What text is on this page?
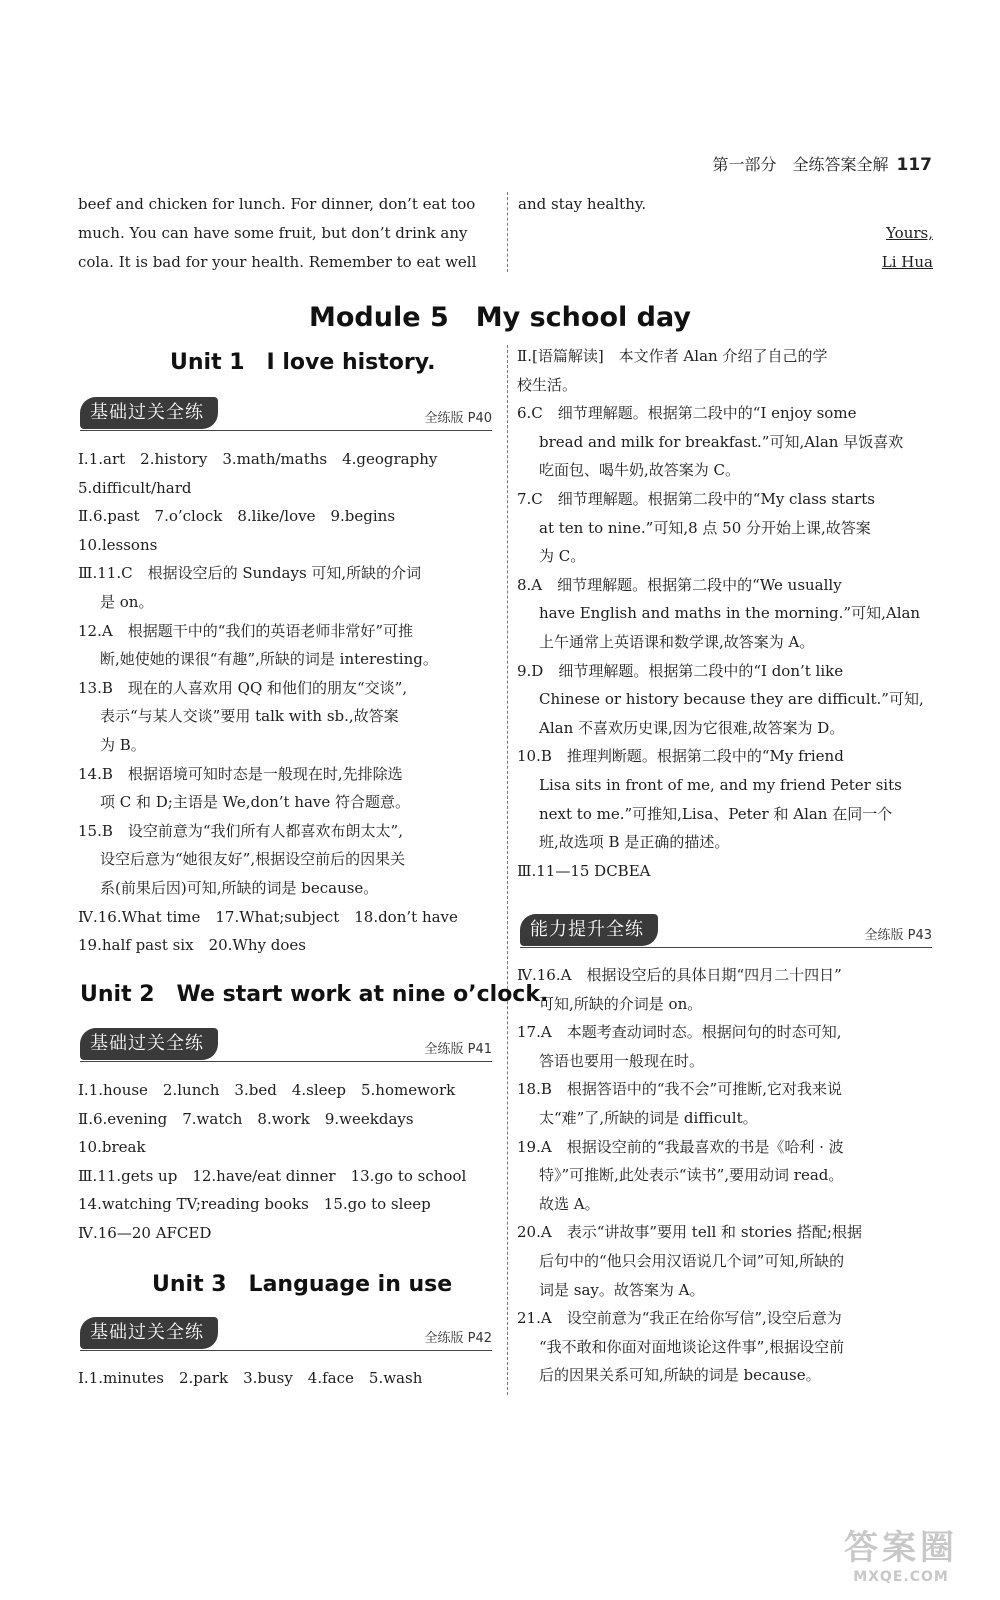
第一部分　全练答案全解 117

beef and chicken for lunch. For dinner, don’t eat too

much. You can have some fruit, but don’t drink any

cola. It is bad for your health. Remember to eat well

and stay healthy.

Yours,

Li Hua

Module 5　My school day
Unit 1　I love history.
基础过关全练	全练版 P40
Ⅰ.1.art　2.history　3.math/maths　4.geography
5.difficult/hard
Ⅱ.6.past　7.o’clock　8.like/love　9.begins
10.lessons
Ⅲ.11.C　根据设空后的 Sundays 可知,所缺的介词
是 on。
12.A　根据题干中的“我们的英语老师非常好”可推
断,她使她的课很“有趣”,所缺的词是 interesting。
13.B　现在的人喜欢用 QQ 和他们的朋友“交谈”,
表示“与某人交谈”要用 talk with sb.,故答案
为 B。
14.B　根据语境可知时态是一般现在时,先排除选
项 C 和 D;主语是 We,don’t have 符合题意。
15.B　设空前意为“我们所有人都喜欢布朗太太”,
设空后意为“她很友好”,根据设空前后的因果关
系(前果后因)可知,所缺的词是 because。
Ⅳ.16.What time　17.What;subject　18.don’t have
19.half past six　20.Why does
Unit 2　We start work at nine o’clock.
基础过关全练	全练版 P41
Ⅰ.1.house　2.lunch　3.bed　4.sleep　5.homework
Ⅱ.6.evening　7.watch　8.work　9.weekdays
10.break
Ⅲ.11.gets up　12.have/eat dinner　13.go to school
14.watching TV;reading books　15.go to sleep
Ⅳ.16—20 AFCED
Unit 3　Language in use
基础过关全练	全练版 P42
Ⅰ.1.minutes　2.park　3.busy　4.face　5.wash
Ⅱ.[语篇解读]　本文作者 Alan 介绍了自己的学
校生活。
6.C　细节理解题。根据第二段中的“I enjoy some
bread and milk for breakfast.”可知,Alan 早饭喜欢
吃面包、喝牛奶,故答案为 C。
7.C　细节理解题。根据第二段中的“My class starts
at ten to nine.”可知,8 点 50 分开始上课,故答案
为 C。
8.A　细节理解题。根据第二段中的“We usually
have English and maths in the morning.”可知,Alan
上午通常上英语课和数学课,故答案为 A。
9.D　细节理解题。根据第二段中的“I don’t like
Chinese or history because they are difficult.”可知,
Alan 不喜欢历史课,因为它很难,故答案为 D。
10.B　推理判断题。根据第二段中的“My friend
Lisa sits in front of me, and my friend Peter sits
next to me.”可推知,Lisa、Peter 和 Alan 在同一个
班,故选项 B 是正确的描述。
Ⅲ.11—15 DCBEA
能力提升全练	全练版 P43
Ⅳ.16.A　根据设空后的具体日期“四月二十四日”
可知,所缺的介词是 on。
17.A　本题考查动词时态。根据问句的时态可知,
答语也要用一般现在时。
18.B　根据答语中的“我不会”可推断,它对我来说
太“难”了,所缺的词是 difficult。
19.A　根据设空前的“我最喜欢的书是《哈利 · 波
特》”可推断,此处表示“读书”,要用动词 read。
故选 A。
20.A　表示“讲故事”要用 tell 和 stories 搭配;根据
后句中的“他只会用汉语说几个词”可知,所缺的
词是 say。故答案为 A。
21.A　设空前意为“我正在给你写信”,设空后意为
“我不敢和你面对面地谈论这件事”,根据设空前
后的因果关系可知,所缺的词是 because。
答案圈
MXQE.COM
